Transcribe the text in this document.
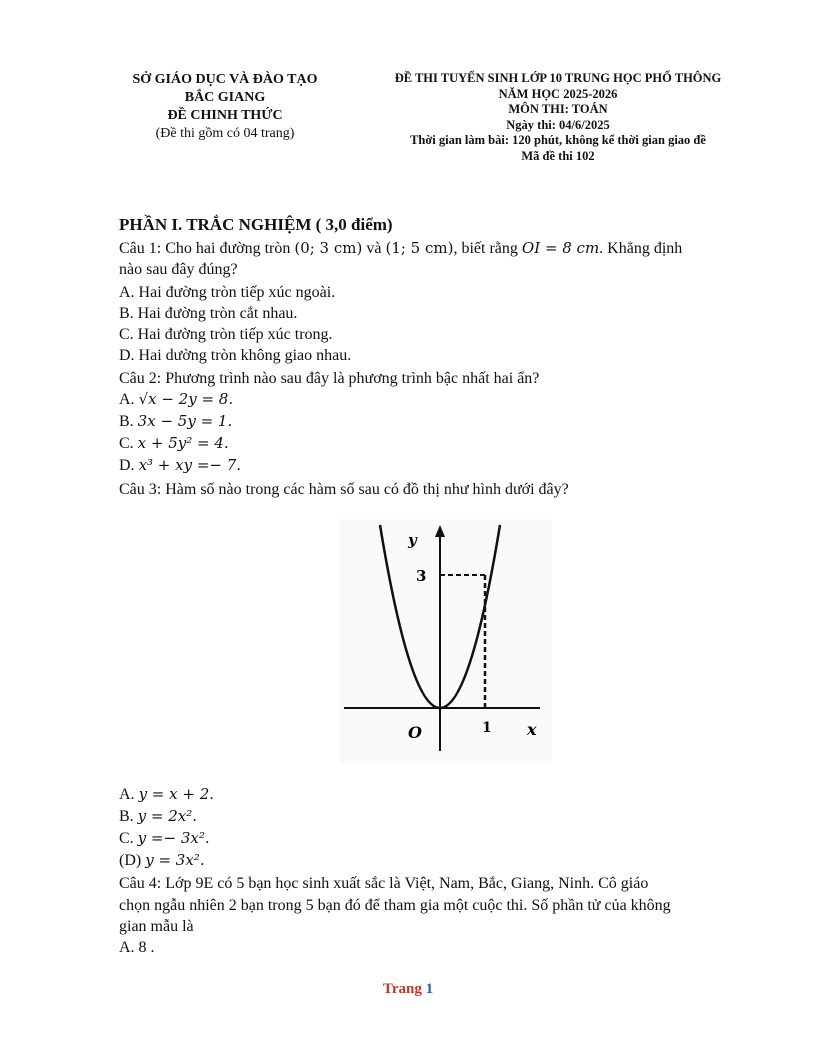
SỞ GIÁO DỤC VÀ ĐÀO TẠO
BẮC GIANG
ĐỀ CHINH THỨC
(Đề thi gồm có 04 trang)
ĐỀ THI TUYỂN SINH LỚP 10 TRUNG HỌC PHỔ THÔNG
NĂM HỌC 2025-2026
MÔN THI: TOÁN
Ngày thi: 04/6/2025
Thời gian làm bài: 120 phút, không kể thời gian giao đề
Mã đề thi 102
PHẦN I. TRẮC NGHIỆM ( 3,0 điểm)
Câu 1: Cho hai đường tròn (0; 3 cm) và (1; 5 cm), biết rằng OI = 8 cm. Khẳng định
nào sau đây đúng?
A. Hai đường tròn tiếp xúc ngoài.
B. Hai đường tròn cắt nhau.
C. Hai đường tròn tiếp xúc trong.
D. Hai dường tròn không giao nhau.
Câu 2: Phương trình nào sau đây là phương trình bậc nhất hai ẩn?
A. √x − 2y = 8.
B. 3x − 5y = 1.
C. x + 5y² = 4.
D. x³ + xy =− 7.
Câu 3: Hàm số nào trong các hàm số sau có đồ thị như hình dưới đây?
y
3
O	1 x
A. y = x + 2.
B. y = 2x².
C. y =− 3x².
(D) y = 3x².
Câu 4: Lớp 9E có 5 bạn học sinh xuất sắc là Việt, Nam, Bắc, Giang, Ninh. Cô giáo
chọn ngẫu nhiên 2 bạn trong 5 bạn đó để tham gia một cuộc thi. Số phần tử của không
gian mẫu là
A. 8 .
Trang 1
